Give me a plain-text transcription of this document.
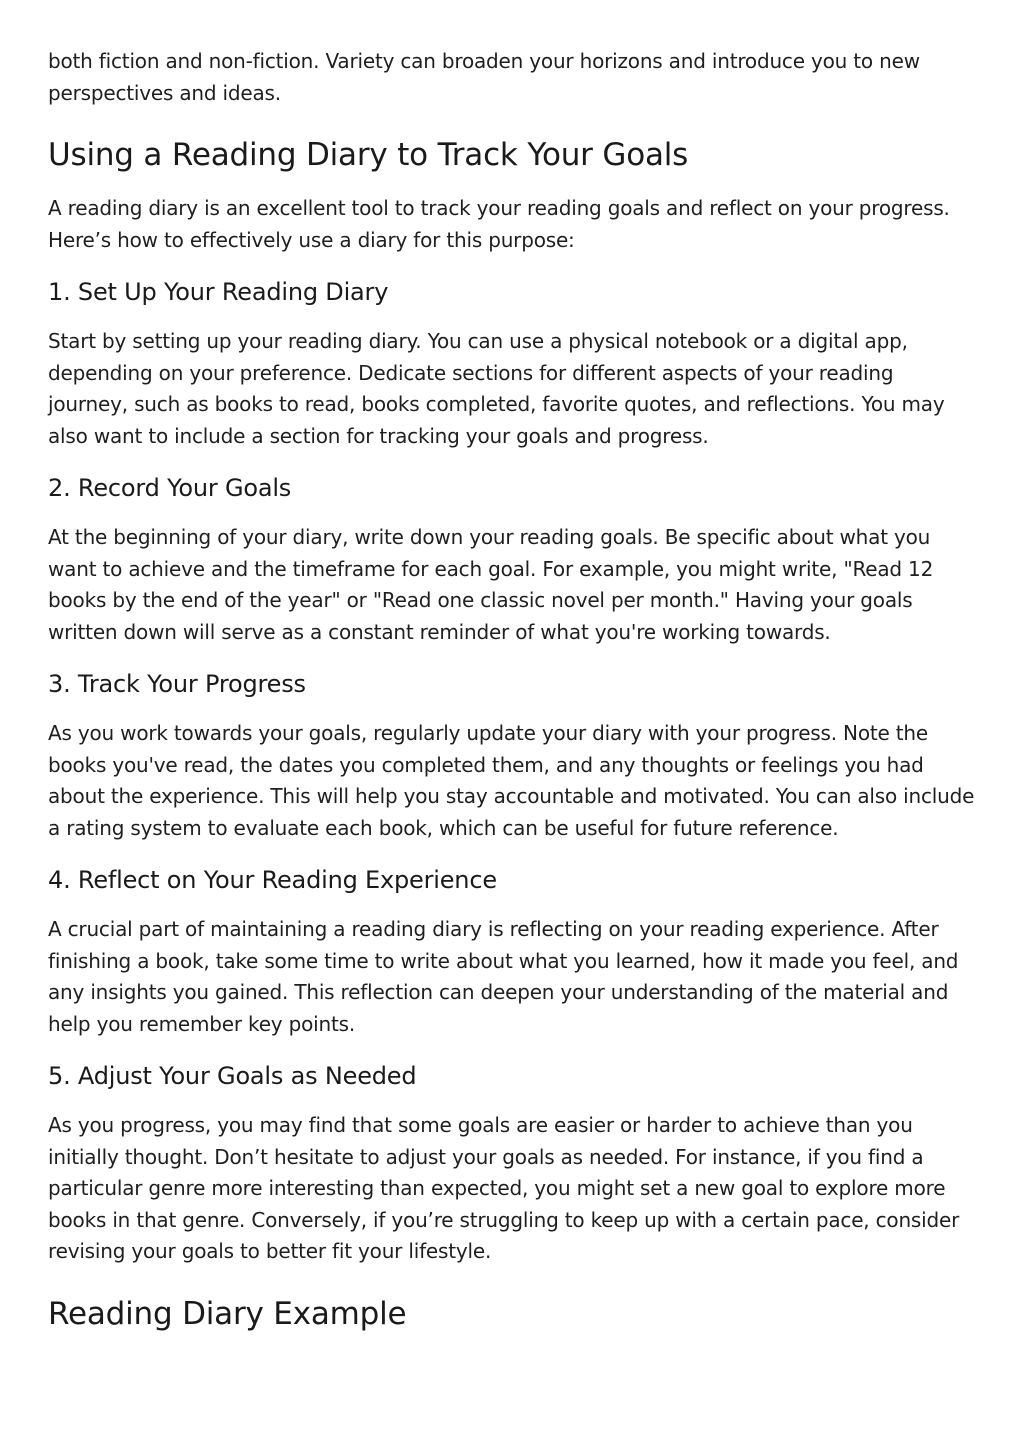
both fiction and non-fiction. Variety can broaden your horizons and introduce you to new perspectives and ideas.

Using a Reading Diary to Track Your Goals

A reading diary is an excellent tool to track your reading goals and reflect on your progress. Here’s how to effectively use a diary for this purpose:

1. Set Up Your Reading Diary

Start by setting up your reading diary. You can use a physical notebook or a digital app, depending on your preference. Dedicate sections for different aspects of your reading journey, such as books to read, books completed, favorite quotes, and reflections. You may also want to include a section for tracking your goals and progress.

2. Record Your Goals

At the beginning of your diary, write down your reading goals. Be specific about what you want to achieve and the timeframe for each goal. For example, you might write, "Read 12 books by the end of the year" or "Read one classic novel per month." Having your goals written down will serve as a constant reminder of what you're working towards.

3. Track Your Progress

As you work towards your goals, regularly update your diary with your progress. Note the books you've read, the dates you completed them, and any thoughts or feelings you had about the experience. This will help you stay accountable and motivated. You can also include a rating system to evaluate each book, which can be useful for future reference.

4. Reflect on Your Reading Experience

A crucial part of maintaining a reading diary is reflecting on your reading experience. After finishing a book, take some time to write about what you learned, how it made you feel, and any insights you gained. This reflection can deepen your understanding of the material and help you remember key points.

5. Adjust Your Goals as Needed

As you progress, you may find that some goals are easier or harder to achieve than you initially thought. Don’t hesitate to adjust your goals as needed. For instance, if you find a particular genre more interesting than expected, you might set a new goal to explore more books in that genre. Conversely, if you’re struggling to keep up with a certain pace, consider revising your goals to better fit your lifestyle.

Reading Diary Example
